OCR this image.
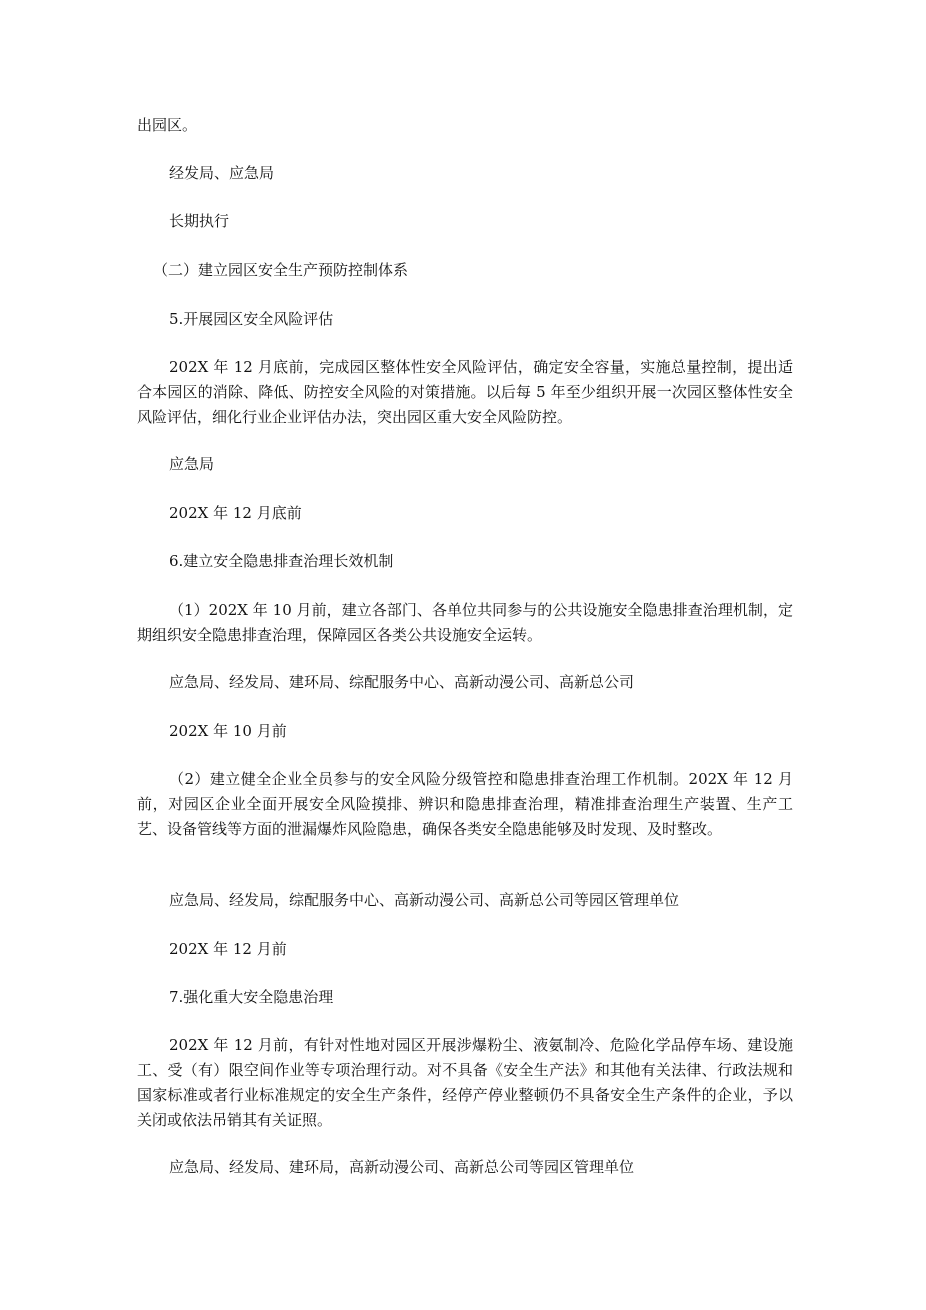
出园区。

经发局、应急局

长期执行

（二）建立园区安全生产预防控制体系

5.开展园区安全风险评估

202X 年 12 月底前，完成园区整体性安全风险评估，确定安全容量，实施总量控制，提出适合本园区的消除、降低、防控安全风险的对策措施。以后每 5 年至少组织开展一次园区整体性安全风险评估，细化行业企业评估办法，突出园区重大安全风险防控。

应急局

202X 年 12 月底前

6.建立安全隐患排查治理长效机制

（1）202X 年 10 月前，建立各部门、各单位共同参与的公共设施安全隐患排查治理机制，定期组织安全隐患排查治理，保障园区各类公共设施安全运转。

应急局、经发局、建环局、综配服务中心、高新动漫公司、高新总公司

202X 年 10 月前

（2）建立健全企业全员参与的安全风险分级管控和隐患排查治理工作机制。202X 年 12 月前，对园区企业全面开展安全风险摸排、辨识和隐患排查治理，精准排查治理生产装置、生产工艺、设备管线等方面的泄漏爆炸风险隐患，确保各类安全隐患能够及时发现、及时整改。

应急局、经发局，综配服务中心、高新动漫公司、高新总公司等园区管理单位

202X 年 12 月前

7.强化重大安全隐患治理

202X 年 12 月前，有针对性地对园区开展涉爆粉尘、液氨制冷、危险化学品停车场、建设施工、受（有）限空间作业等专项治理行动。对不具备《安全生产法》和其他有关法律、行政法规和国家标准或者行业标准规定的安全生产条件，经停产停业整顿仍不具备安全生产条件的企业，予以关闭或依法吊销其有关证照。

应急局、经发局、建环局，高新动漫公司、高新总公司等园区管理单位
